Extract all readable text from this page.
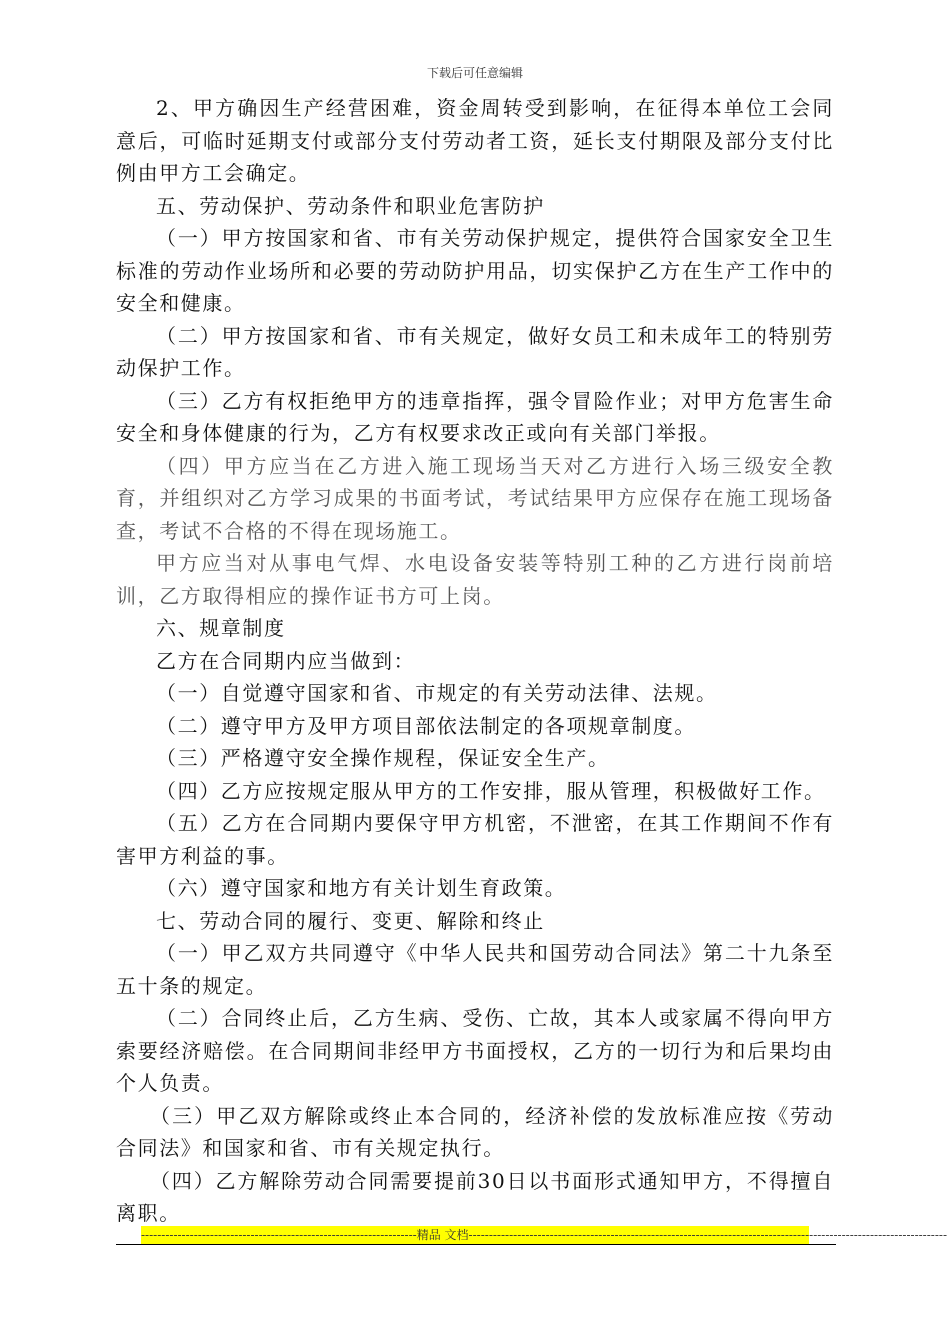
下载后可任意编辑

2、甲方确因生产经营困难，资金周转受到影响，在征得本单位工会同意后，可临时延期支付或部分支付劳动者工资，延长支付期限及部分支付比例由甲方工会确定。

五、劳动保护、劳动条件和职业危害防护

（一）甲方按国家和省、市有关劳动保护规定，提供符合国家安全卫生标准的劳动作业场所和必要的劳动防护用品，切实保护乙方在生产工作中的安全和健康。

（二）甲方按国家和省、市有关规定，做好女员工和未成年工的特别劳动保护工作。

（三）乙方有权拒绝甲方的违章指挥，强令冒险作业；对甲方危害生命安全和身体健康的行为，乙方有权要求改正或向有关部门举报。

（四）甲方应当在乙方进入施工现场当天对乙方进行入场三级安全教育，并组织对乙方学习成果的书面考试，考试结果甲方应保存在施工现场备查，考试不合格的不得在现场施工。

甲方应当对从事电气焊、水电设备安装等特别工种的乙方进行岗前培训，乙方取得相应的操作证书方可上岗。

六、规章制度

乙方在合同期内应当做到：

（一）自觉遵守国家和省、市规定的有关劳动法律、法规。

（二）遵守甲方及甲方项目部依法制定的各项规章制度。

（三）严格遵守安全操作规程，保证安全生产。

（四）乙方应按规定服从甲方的工作安排，服从管理，积极做好工作。

（五）乙方在合同期内要保守甲方机密，不泄密，在其工作期间不作有害甲方利益的事。

（六）遵守国家和地方有关计划生育政策。

七、劳动合同的履行、变更、解除和终止

（一）甲乙双方共同遵守《中华人民共和国劳动合同法》第二十九条至五十条的规定。

（二）合同终止后，乙方生病、受伤、亡故，其本人或家属不得向甲方索要经济赔偿。在合同期间非经甲方书面授权，乙方的一切行为和后果均由个人负责。

（三）甲乙双方解除或终止本合同的，经济补偿的发放标准应按《劳动合同法》和国家和省、市有关规定执行。

（四）乙方解除劳动合同需要提前30日以书面形式通知甲方，不得擅自离职。

--------------------------------------------------------------------精品 文档----------------------------------------------------------------------------------------------------------------------
